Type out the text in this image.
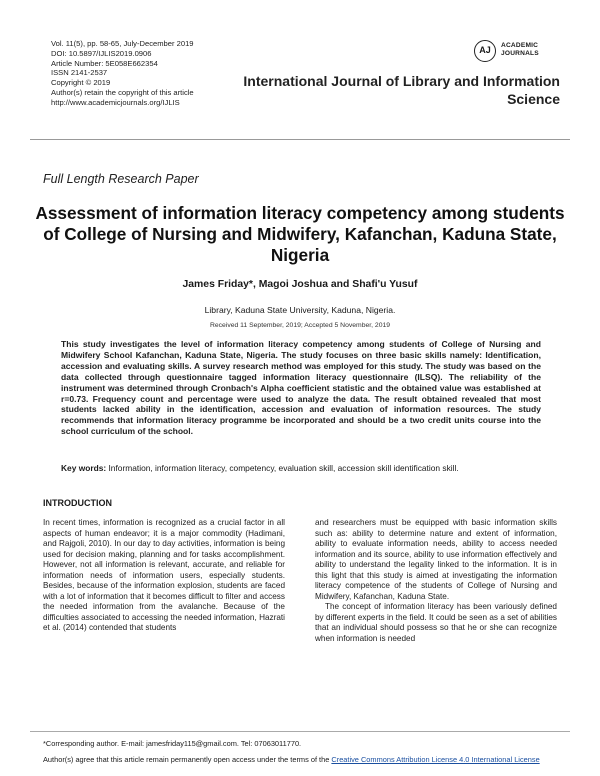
Vol. 11(5), pp. 58-65, July-December 2019
DOI: 10.5897/IJLIS2019.0906
Article Number: 5E058E662354
ISSN 2141-2537
Copyright © 2019
Author(s) retain the copyright of this article
http://www.academicjournals.org/IJLIS
AJ	ACADEMIC
JOURNALS
International Journal of Library and Information Science
Full Length Research Paper
Assessment of information literacy competency among students of College of Nursing and Midwifery, Kafanchan, Kaduna State, Nigeria
James Friday*, Magoi Joshua and Shafi'u Yusuf
Library, Kaduna State University, Kaduna, Nigeria.
Received 11 September, 2019; Accepted 5 November, 2019
This study investigates the level of information literacy competency among students of College of Nursing and Midwifery School Kafanchan, Kaduna State, Nigeria. The study focuses on three basic skills namely: Identification, accession and evaluating skills. A survey research method was employed for this study. The study was based on the data collected through questionnaire tagged information literacy questionnaire (ILSQ). The reliability of the instrument was determined through Cronbach's Alpha coefficient statistic and the obtained value was established at r=0.73. Frequency count and percentage were used to analyze the data. The result obtained revealed that most students lacked ability in the identification, accession and evaluation of information resources. The study recommends that information literacy programme be incorporated and should be a two credit units course into the school curriculum of the school.
Key words: Information, information literacy, competency, evaluation skill, accession skill identification skill.
INTRODUCTION

In recent times, information is recognized as a crucial factor in all aspects of human endeavor; it is a major commodity (Hadimani, and Rajgoli, 2010). In our day to day activities, information is being used for decision making, planning and for tasks accomplishment. However, not all information is relevant, accurate, and reliable for information needs of information users, especially students. Besides, because of the information explosion, students are faced with a lot of information that it becomes difficult to filter and access the needed information from the avalanche. Because of the difficulties associated to accessing the needed information, Hazrati et al. (2014) contended that students

and researchers must be equipped with basic information skills such as: ability to determine nature and extent of information, ability to evaluate information needs, ability to access needed information and its source, ability to use information effectively and ability to understand the legality linked to the information. It is in this light that this study is aimed at investigating the information literacy competence of the students of College of Nursing and Midwifery, Kafanchan, Kaduna State.

The concept of information literacy has been variously defined by different experts in the field. It could be seen as a set of abilities that an individual should possess so that he or she can recognize when information is needed

*Corresponding author. E-mail: jamesfriday115@gmail.com. Tel: 07063011770.
Author(s) agree that this article remain permanently open access under the terms of the Creative Commons Attribution License 4.0 International License
